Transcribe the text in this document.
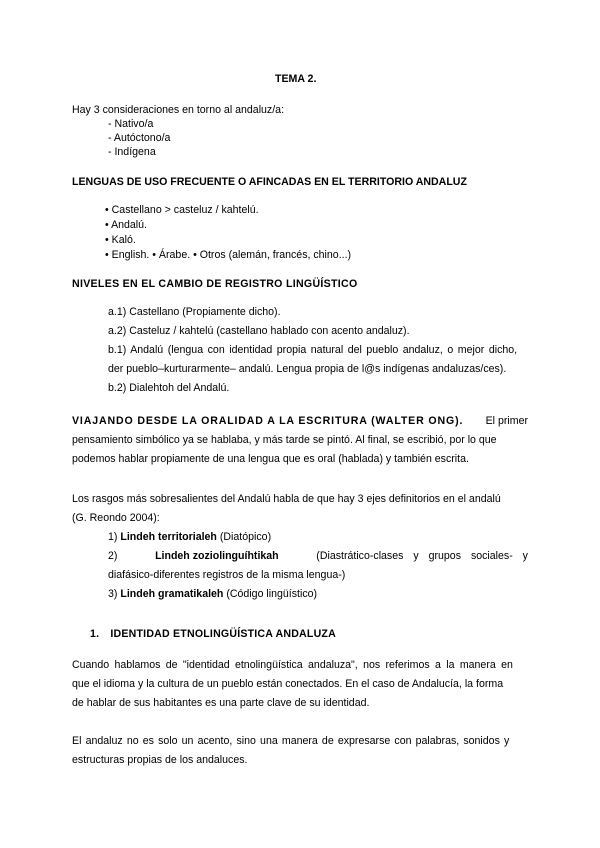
TEMA 2.
Hay 3 consideraciones en torno al andaluz/a:
- Nativo/a
- Autóctono/a
- Indígena
LENGUAS DE USO FRECUENTE O AFINCADAS EN EL TERRITORIO ANDALUZ
• Castellano > casteluz / kahtelú.
• Andalú.
• Kaló.
• English. • Árabe. • Otros (alemán, francés, chino...)
NIVELES EN EL CAMBIO DE REGISTRO LINGÜÍSTICO
a.1) Castellano (Propiamente dicho).
a.2) Casteluz / kahtelú (castellano hablado con acento andaluz).
b.1) Andalú (lengua con identidad propia natural del pueblo andaluz, o mejor dicho,
der pueblo–kurturarmente– andalú. Lengua propia de l@s indígenas andaluzas/ces).
b.2) Dialehtoh del Andalú.
VIAJANDO DESDE LA ORALIDAD A LA ESCRITURA (WALTER ONG). El primer
pensamiento simbólico ya se hablaba, y más tarde se pintó. Al final, se escribió, por lo que
podemos hablar propiamente de una lengua que es oral (hablada) y también escrita.
Los rasgos más sobresalientes del Andalú habla de que hay 3 ejes definitorios en el andalú
(G. Reondo 2004):
1) Lindeh territorialeh (Diatópico)
2)	Lindeh zoziolinguíhtikah	(Diastrático-clases y grupos sociales- y
diafásico-diferentes registros de la misma lengua-)
3) Lindeh gramatikaleh (Código lingüístico)
1. IDENTIDAD ETNOLINGÜÍSTICA ANDALUZA
Cuando hablamos de "identidad etnolingüística andaluza", nos referimos a la manera en
que el idioma y la cultura de un pueblo están conectados. En el caso de Andalucía, la forma
de hablar de sus habitantes es una parte clave de su identidad.
El andaluz no es solo un acento, sino una manera de expresarse con palabras, sonidos y
estructuras propias de los andaluces.
